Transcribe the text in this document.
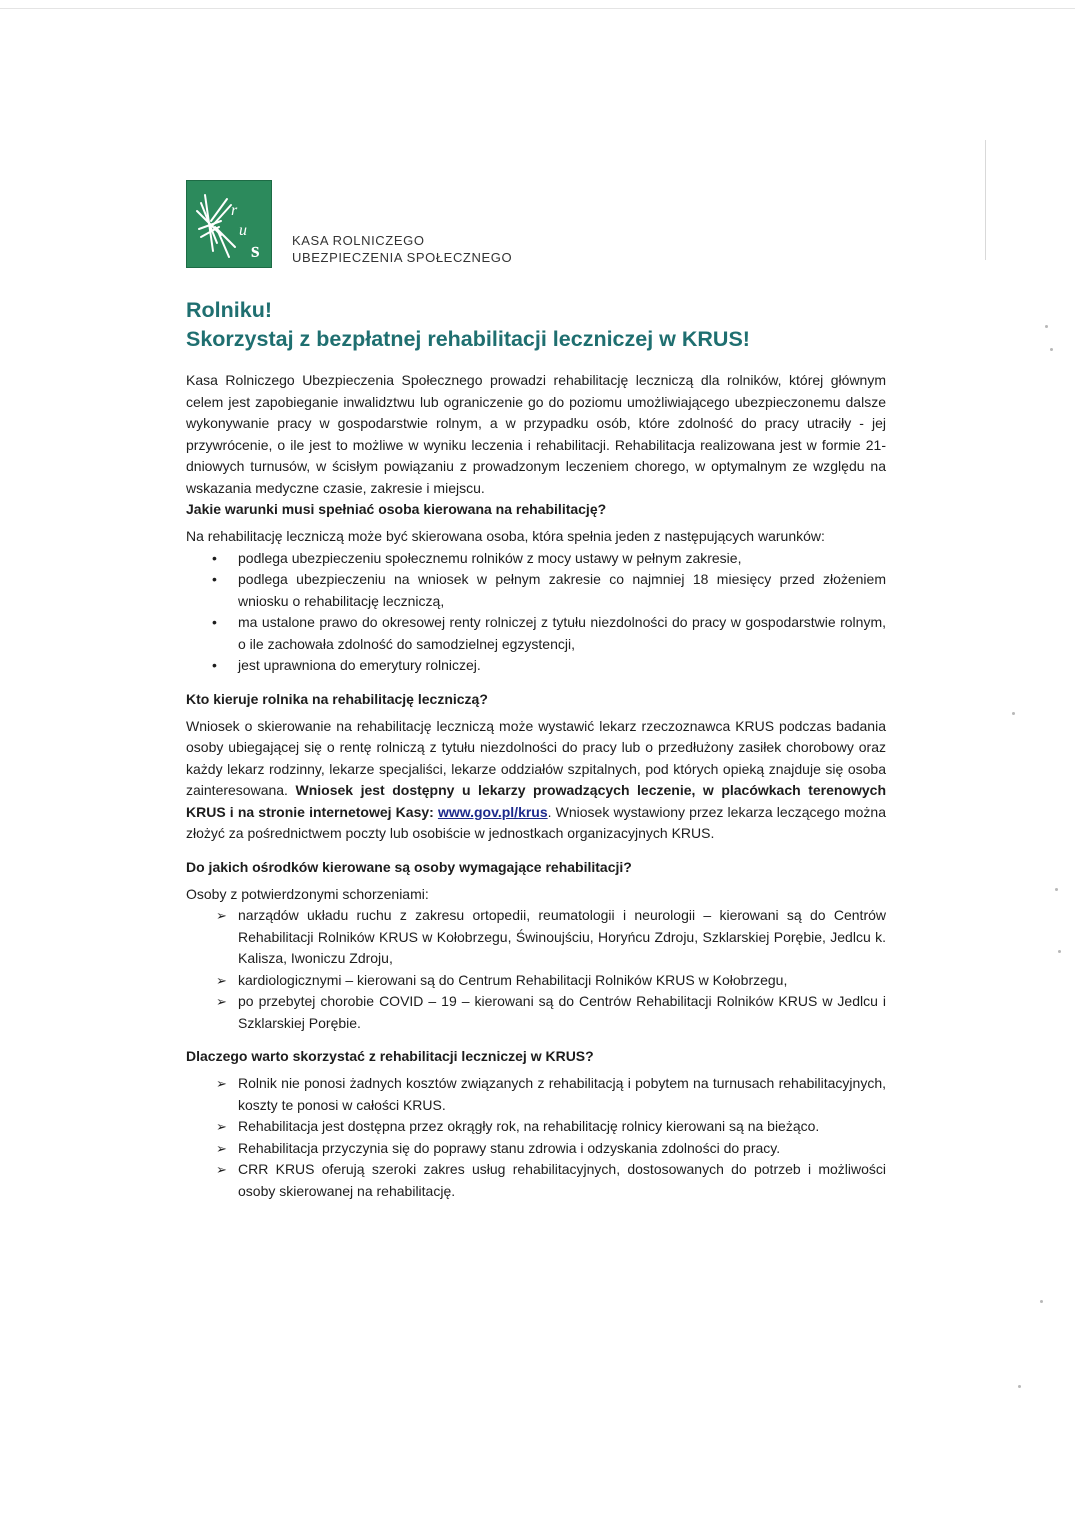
r
u
s KASA ROLNICZEGO
UBEZPIECZENIA SPOŁECZNEGO
Rolniku!
Skorzystaj z bezpłatnej rehabilitacji leczniczej w KRUS!

Kasa Rolniczego Ubezpieczenia Społecznego prowadzi rehabilitację leczniczą dla rolników, której głównym celem jest zapobieganie inwalidztwu lub ograniczenie go do poziomu umożliwiającego ubezpieczonemu dalsze wykonywanie pracy w gospodarstwie rolnym, a w przypadku osób, które zdolność do pracy utraciły - jej przywrócenie, o ile jest to możliwe w wyniku leczenia i rehabilitacji. Rehabilitacja realizowana jest w formie 21-dniowych turnusów, w ścisłym powiązaniu z prowadzonym leczeniem chorego, w optymalnym ze względu na wskazania medyczne czasie, zakresie i miejscu.

Jakie warunki musi spełniać osoba kierowana na rehabilitację?

Na rehabilitację leczniczą może być skierowana osoba, która spełnia jeden z następujących warunków:

• podlega ubezpieczeniu społecznemu rolników z mocy ustawy w pełnym zakresie,
• podlega ubezpieczeniu na wniosek w pełnym zakresie co najmniej 18 miesięcy przed złożeniem wniosku o rehabilitację leczniczą,
• ma ustalone prawo do okresowej renty rolniczej z tytułu niezdolności do pracy w gospodarstwie rolnym, o ile zachowała zdolność do samodzielnej egzystencji,
• jest uprawniona do emerytury rolniczej.
Kto kieruje rolnika na rehabilitację leczniczą?

Wniosek o skierowanie na rehabilitację leczniczą może wystawić lekarz rzeczoznawca KRUS podczas badania osoby ubiegającej się o rentę rolniczą z tytułu niezdolności do pracy lub o przedłużony zasiłek chorobowy oraz każdy lekarz rodzinny, lekarze specjaliści, lekarze oddziałów szpitalnych, pod których opieką znajduje się osoba zainteresowana. Wniosek jest dostępny u lekarzy prowadzących leczenie, w placówkach terenowych KRUS i na stronie internetowej Kasy: www.gov.pl/krus. Wniosek wystawiony przez lekarza leczącego można złożyć za pośrednictwem poczty lub osobiście w jednostkach organizacyjnych KRUS.

Do jakich ośrodków kierowane są osoby wymagające rehabilitacji?

Osoby z potwierdzonymi schorzeniami:

➢ narządów układu ruchu z zakresu ortopedii, reumatologii i neurologii – kierowani są do Centrów Rehabilitacji Rolników KRUS w Kołobrzegu, Świnoujściu, Horyńcu Zdroju, Szklarskiej Porębie, Jedlcu k. Kalisza, Iwoniczu Zdroju,
➢ kardiologicznymi – kierowani są do Centrum Rehabilitacji Rolników KRUS w Kołobrzegu,
➢ po przebytej chorobie COVID – 19 – kierowani są do Centrów Rehabilitacji Rolników KRUS w Jedlcu i Szklarskiej Porębie.
Dlaczego warto skorzystać z rehabilitacji leczniczej w KRUS?
➢ Rolnik nie ponosi żadnych kosztów związanych z rehabilitacją i pobytem na turnusach rehabilitacyjnych, koszty te ponosi w całości KRUS.
➢ Rehabilitacja jest dostępna przez okrągły rok, na rehabilitację rolnicy kierowani są na bieżąco.
➢ Rehabilitacja przyczynia się do poprawy stanu zdrowia i odzyskania zdolności do pracy.
➢ CRR KRUS oferują szeroki zakres usług rehabilitacyjnych, dostosowanych do potrzeb i możliwości osoby skierowanej na rehabilitację.
